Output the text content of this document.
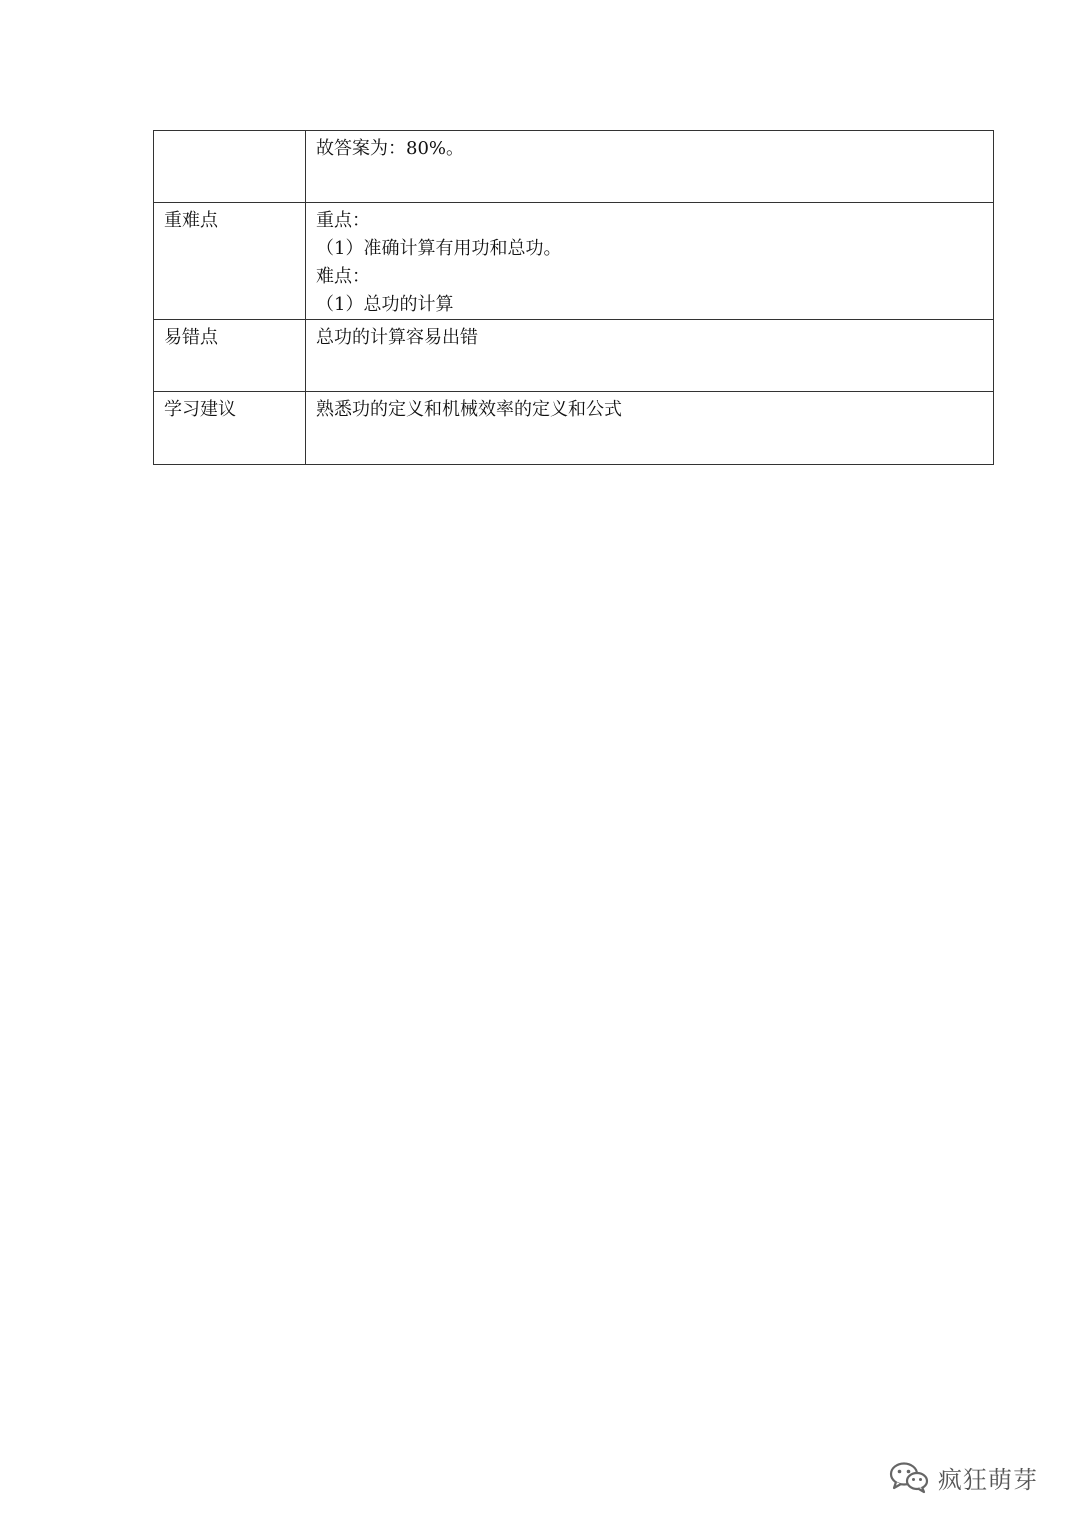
	故答案为：80%。

重难点	重点：
（1）准确计算有用功和总功。
难点：
（1）总功的计算

易错点	总功的计算容易出错

学习建议	熟悉功的定义和机械效率的定义和公式
疯狂萌芽
